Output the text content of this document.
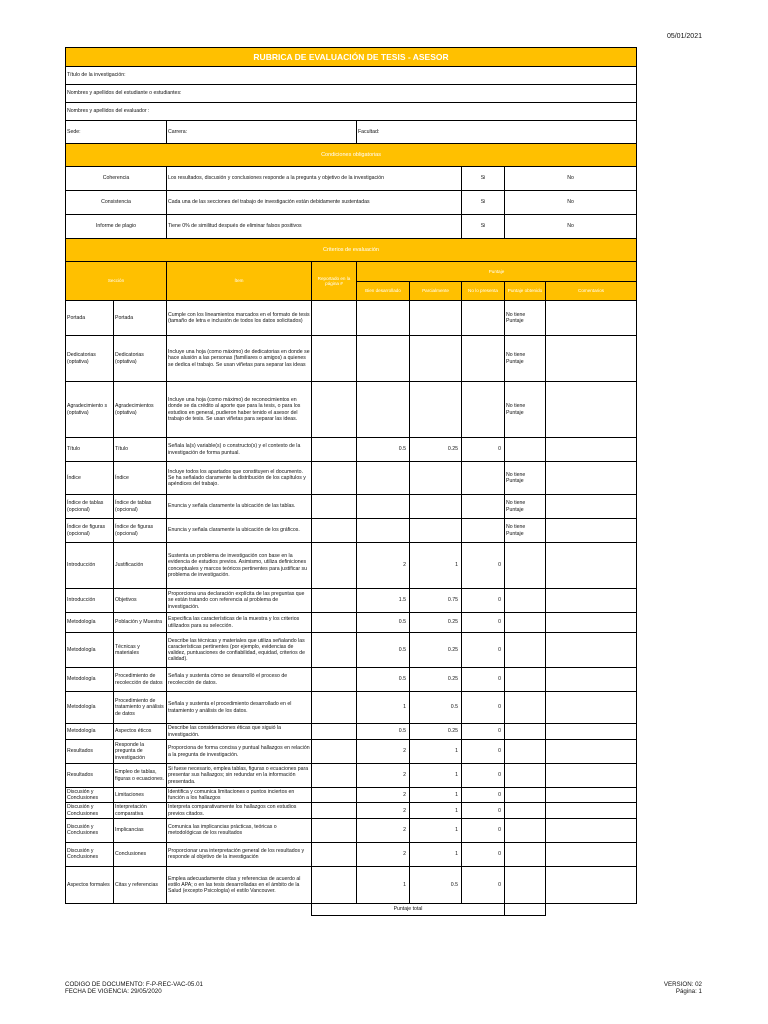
05/01/2021
RUBRICA DE EVALUACIÓN DE TESIS - ASESOR								
Título de la investigación:								
Nombres y apellidos del estudiante o estudiantes:								
Nombres y apellidos del evaluador :								
Sede:		Carrera:		Facultad:				
Condiciones obligatorias								
Coherencia		Los resultados, discusión y conclusiones responde a la pregunta y objetivo de la investigación				Si	No	
Consistencia		Cada una de las secciones del trabajo de investigación están debidamente sustentadas				Si	No	
Informe de plagio		Tiene 0% de similitud después de eliminar falsos positivos				Si	No	
Criterios de evaluación								
Sección		Ítem	Reportado en la página #	Puntaje				
				Bien desarrollado	Parcialmente	No lo presenta	Puntaje obtenido	Comentarios
Portada	Portada	Cumple con los lineamientos marcados en el formato de tesis (tamaño de letra e inclusión de todos los datos solicitados)					No tiene Puntaje	
Dedicatorias (optativa)	Dedicatorias (optativa)	Incluye una hoja (como máximo) de dedicatorias en donde se hace alusión a las personas (familiares o amigos) a quienes se dedica el trabajo. Se usan viñetas para separar las ideas					No tiene Puntaje	
Agradecimiento s (optativa)	Agradecimientos (optativa)	Incluye una hoja (como máximo) de reconocimientos en donde se da crédito al aporte que para la tesis, o para los estudios en general, pudieron haber tenido el asesor del trabajo de tesis. Se usan viñetas para separar las ideas.					No tiene Puntaje	
Título	Título	Señala la(s) variable(s) o constructo(s) y el contexto de la investigación de forma puntual.		0.5	0.25	0		
Índice	Índice	Incluye todos los apartados que constituyen el documento. Se ha señalado claramente la distribución de los capítulos y apéndices del trabajo.					No tiene Puntaje	
Índice de tablas (opcional)	Índice de tablas (opcional)	Enuncia y señala claramente la ubicación de las tablas.					No tiene Puntaje	
Índice de figuras (opcional)	Índice de figuras (opcional)	Enuncia y señala claramente la ubicación de los gráficos.					No tiene Puntaje	
Introducción	Justificación	Sustenta un problema de investigación con base en la evidencia de estudios previos. Asimismo, utiliza definiciones conceptuales y marcos teóricos pertinentes para justificar su problema de investigación.		2	1	0		
Introducción	Objetivos	Proporciona una declaración explícita de las preguntas que se están tratando con referencia al problema de investigación.		1.5	0.75	0		
Metodología	Población y Muestra	Especifica las características de la muestra y los criterios utilizados para su selección.		0.5	0.25	0		
Metodología	Técnicas y materiales	Describe las técnicas y materiales que utiliza señalando las características pertinentes (por ejemplo, evidencias de validez, puntuaciones de confiabilidad, equidad, criterios de calidad).		0.5	0.25	0		
Metodología	Procedimiento de recolección de datos	Señala y sustenta cómo se desarrolló el proceso de recolección de datos.		0.5	0.25	0		
Metodología	Procedimiento de tratamiento y análisis de datos	Señala y sustenta el procedimiento desarrollado en el tratamiento y análisis de los datos.		1	0.5	0		
Metodología	Aspectos éticos	Describe las consideraciones éticas que siguió la investigación.		0.5	0.25	0		
Resultados	Responde la pregunta de investigación	Proporciona de forma concisa y puntual hallazgos en relación a la pregunta de investigación.		2	1	0		
Resultados	Empleo de tablas, figuras o ecuaciones.	Si fuese necesario, emplea tablas, figuras o ecuaciones para presentar sus hallazgos; sin redundar en la información presentada.		2	1	0		
Discusión y Conclusiones	Limitaciones	Identifica y comunica limitaciones o puntos inciertos en función a los hallazgos		2	1	0		
Discusión y Conclusiones	Interpretación comparativa	Interpreta comparativamente los hallazgos con estudios previos citados.		2	1	0		
Discusión y Conclusiones	Implicancias	Comunica las implicancias prácticas, teóricas o metodológicas de los resultados		2	1	0		
Discusión y Conclusiones	Conclusiones	Proporcionar una interpretación general de los resultados y responde al objetivo de la investigación		2	1	0		
Aspectos formales	Citas y referencias	Emplea adecuadamente citas y referencias de acuerdo al estilo APA; o en las tesis desarrolladas en el ámbito de la Salud (excepto Psicología) el estilo Vancouver.		1	0.5	0		
			Puntaje total					
CODIGO DE DOCUMENTO: F-P-REC-VAC-05.01
FECHA DE VIGENCIA: 29/05/2020
VERSION: 02
Página: 1
